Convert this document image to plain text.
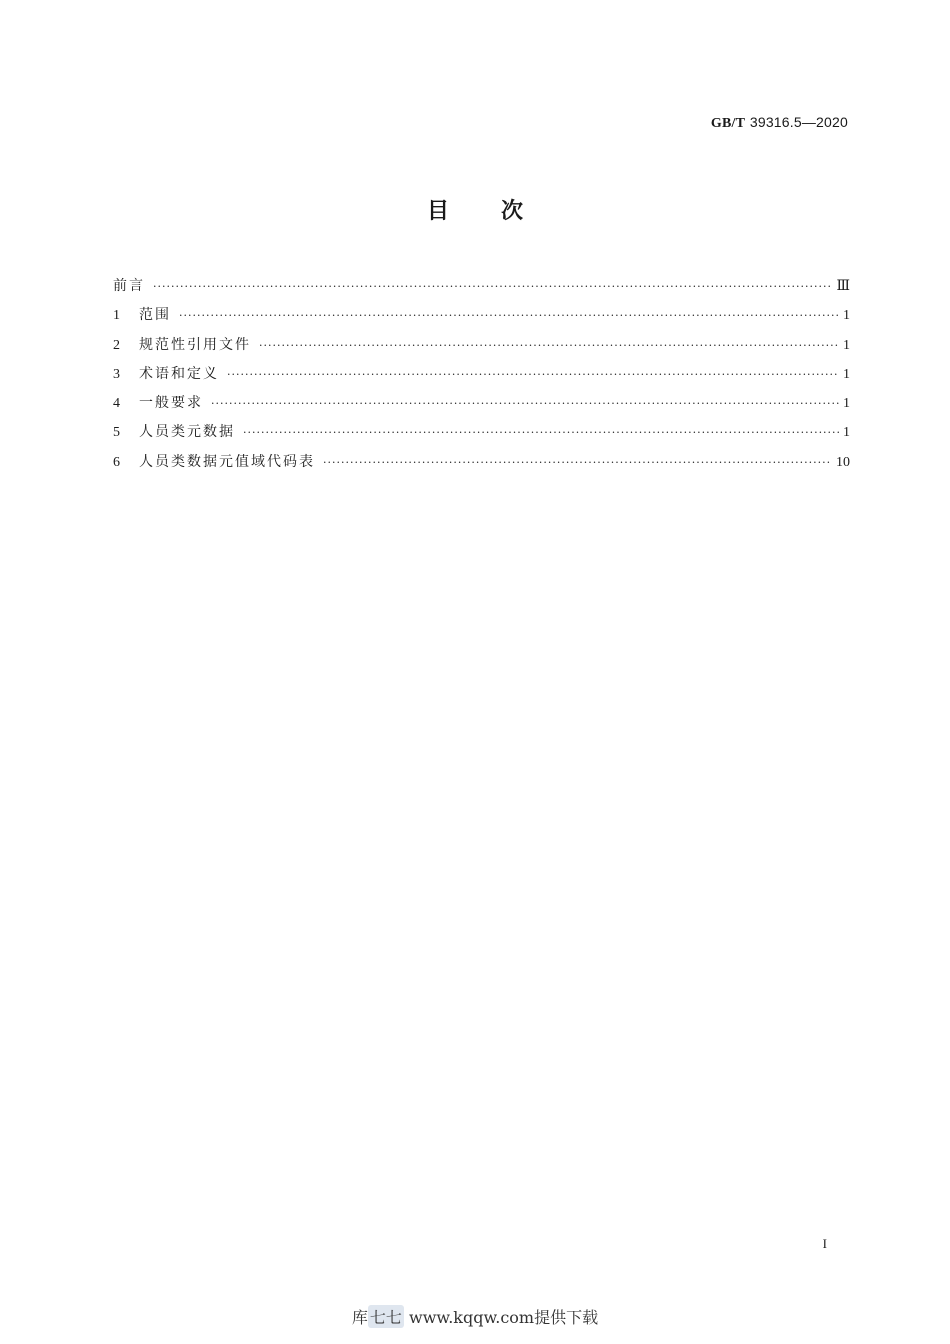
GB/T 39316.5—2020
目次
前言 ·····	Ⅲ
1	范围 ·····	1
2	规范性引用文件 ·····	1
3	术语和定义 ·····	1
4	一般要求 ·····	1
5	人员类元数据 ·····	1
6	人员类数据元值域代码表 ·····	10
I
库 七七 www.kqqw.com提供下载
